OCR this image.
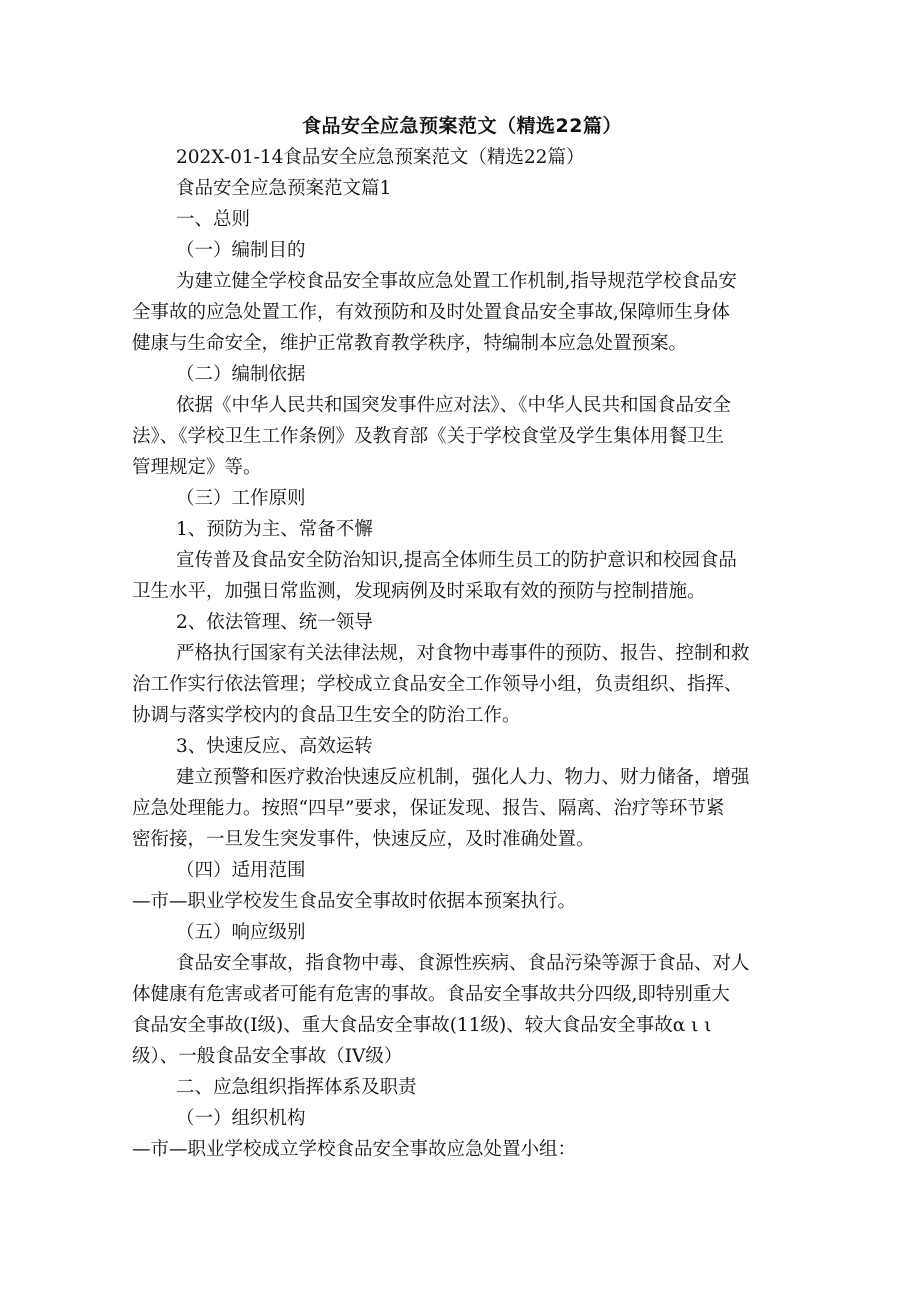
食品安全应急预案范文（精选22篇）

202X-01-14食品安全应急预案范文（精选22篇）

食品安全应急预案范文篇1

一、总则

（一）编制目的

为建立健全学校食品安全事故应急处置工作机制,指导规范学校食品安
全事故的应急处置工作，有效预防和及时处置食品安全事故,保障师生身体
健康与生命安全，维护正常教育教学秩序，特编制本应急处置预案。

（二）编制依据

依据《中华人民共和国突发事件应对法》、《中华人民共和国食品安全
法》、《学校卫生工作条例》及教育部《关于学校食堂及学生集体用餐卫生
管理规定》等。

（三）工作原则

1、预防为主、常备不懈

宣传普及食品安全防治知识,提高全体师生员工的防护意识和校园食品
卫生水平，加强日常监测，发现病例及时采取有效的预防与控制措施。

2、依法管理、统一领导

严格执行国家有关法律法规，对食物中毒事件的预防、报告、控制和救
治工作实行依法管理；学校成立食品安全工作领导小组，负责组织、指挥、
协调与落实学校内的食品卫生安全的防治工作。

3、快速反应、高效运转

建立预警和医疗救治快速反应机制，强化人力、物力、财力储备，增强
应急处理能力。按照“四早”要求，保证发现、报告、隔离、治疗等环节紧
密衔接，一旦发生突发事件，快速反应，及时准确处置。

（四）适用范围

—市—职业学校发生食品安全事故时依据本预案执行。

（五）响应级别

食品安全事故，指食物中毒、食源性疾病、食品污染等源于食品、对人
体健康有危害或者可能有危害的事故。食品安全事故共分四级,即特别重大
食品安全事故(I级)、重大食品安全事故(11级)、较大食品安全事故α ι ι
级）、一般食品安全事故（IV级）

二、应急组织指挥体系及职责

（一）组织机构

—市—职业学校成立学校食品安全事故应急处置小组：
